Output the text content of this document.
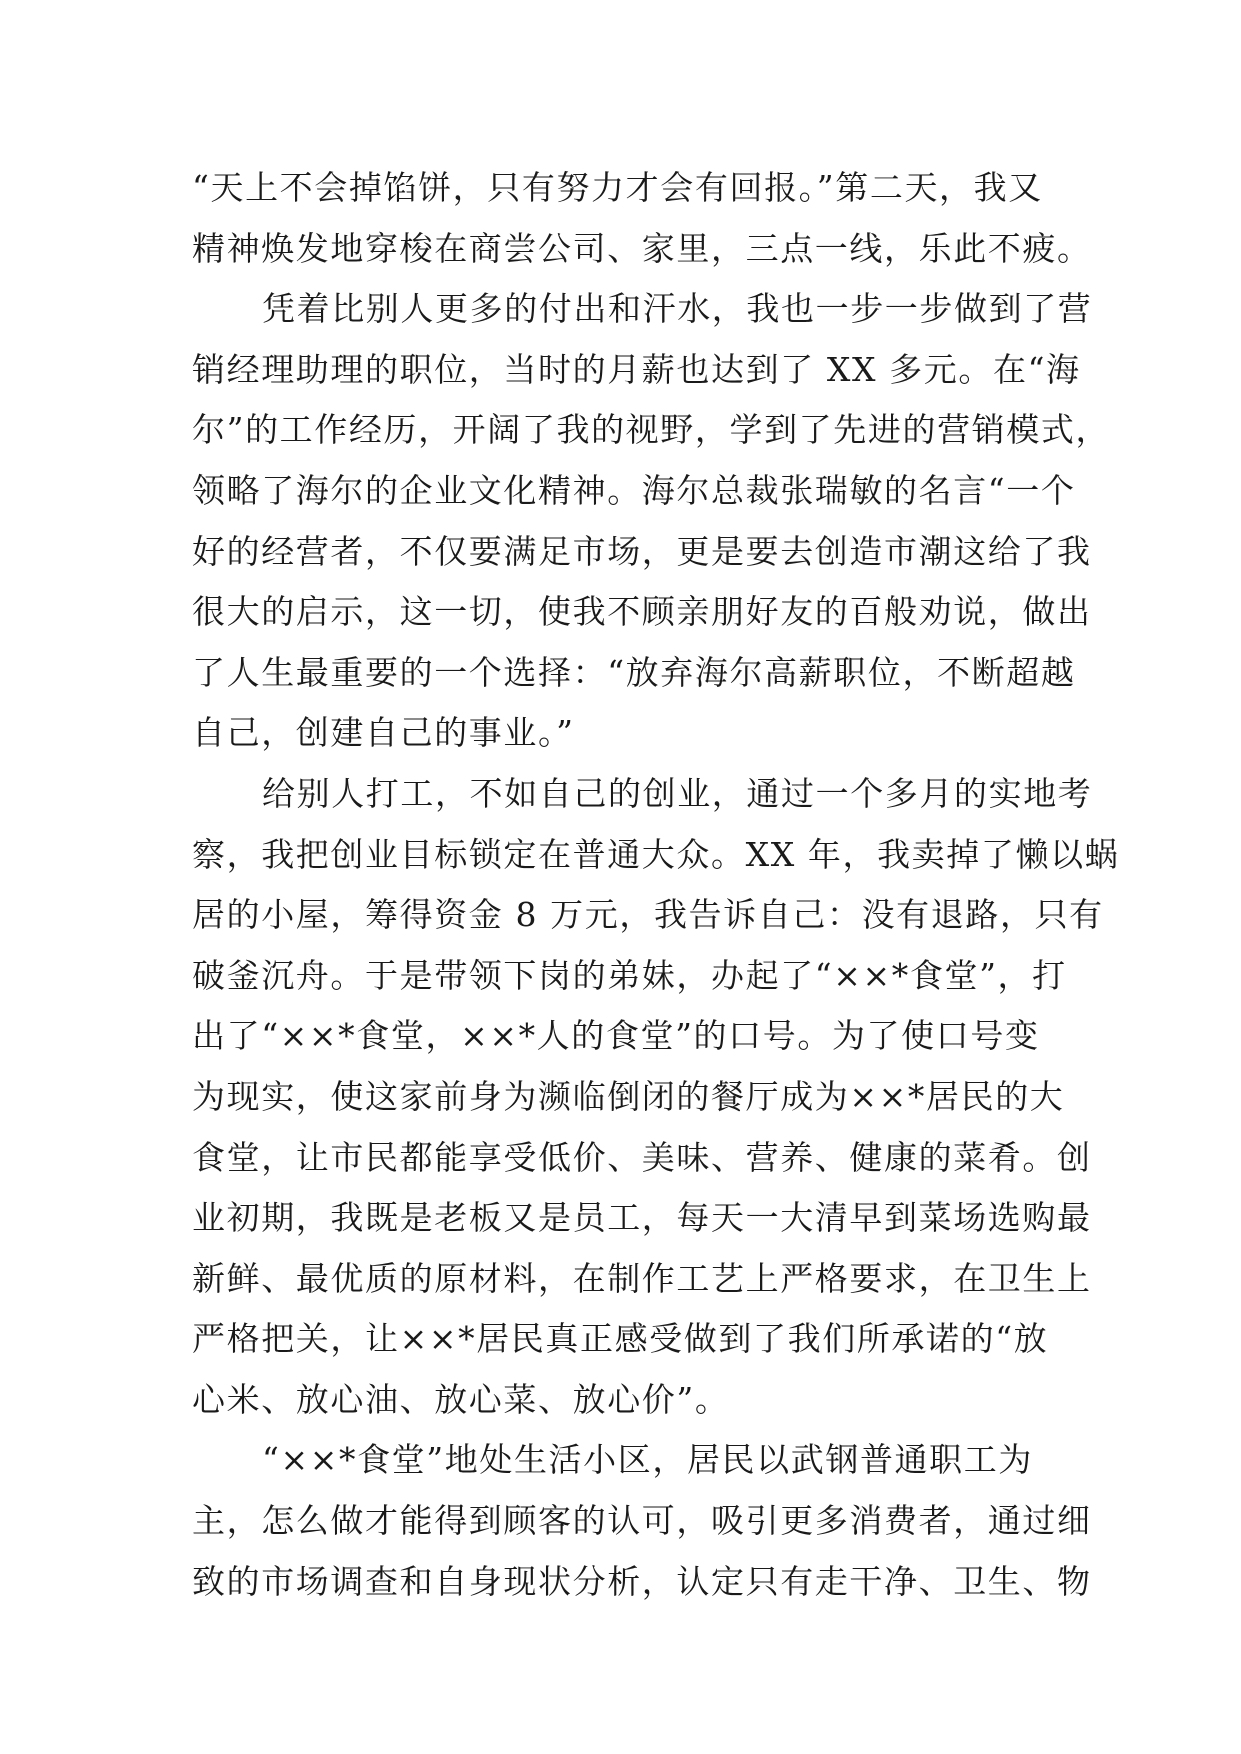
“天上不会掉馅饼，只有努力才会有回报。”第二天，我又
精神焕发地穿梭在商尝公司、家里，三点一线，乐此不疲。
凭着比别人更多的付出和汗水，我也一步一步做到了营
销经理助理的职位，当时的月薪也达到了 XX 多元。在“海
尔”的工作经历，开阔了我的视野，学到了先进的营销模式，
领略了海尔的企业文化精神。海尔总裁张瑞敏的名言“一个
好的经营者，不仅要满足市场，更是要去创造市潮这给了我
很大的启示，这一切，使我不顾亲朋好友的百般劝说，做出
了人生最重要的一个选择：“放弃海尔高薪职位，不断超越
自己，创建自己的事业。”
给别人打工，不如自己的创业，通过一个多月的实地考
察，我把创业目标锁定在普通大众。XX 年，我卖掉了懒以蜗
居的小屋，筹得资金 8 万元，我告诉自己：没有退路，只有
破釜沉舟。于是带领下岗的弟妹，办起了“××*食堂”，打
出了“××*食堂，××*人的食堂”的口号。为了使口号变
为现实，使这家前身为濒临倒闭的餐厅成为××*居民的大
食堂，让市民都能享受低价、美味、营养、健康的菜肴。创
业初期，我既是老板又是员工，每天一大清早到菜场选购最
新鲜、最优质的原材料，在制作工艺上严格要求，在卫生上
严格把关，让××*居民真正感受做到了我们所承诺的“放
心米、放心油、放心菜、放心价”。
“××*食堂”地处生活小区，居民以武钢普通职工为
主，怎么做才能得到顾客的认可，吸引更多消费者，通过细
致的市场调查和自身现状分析，认定只有走干净、卫生、物
